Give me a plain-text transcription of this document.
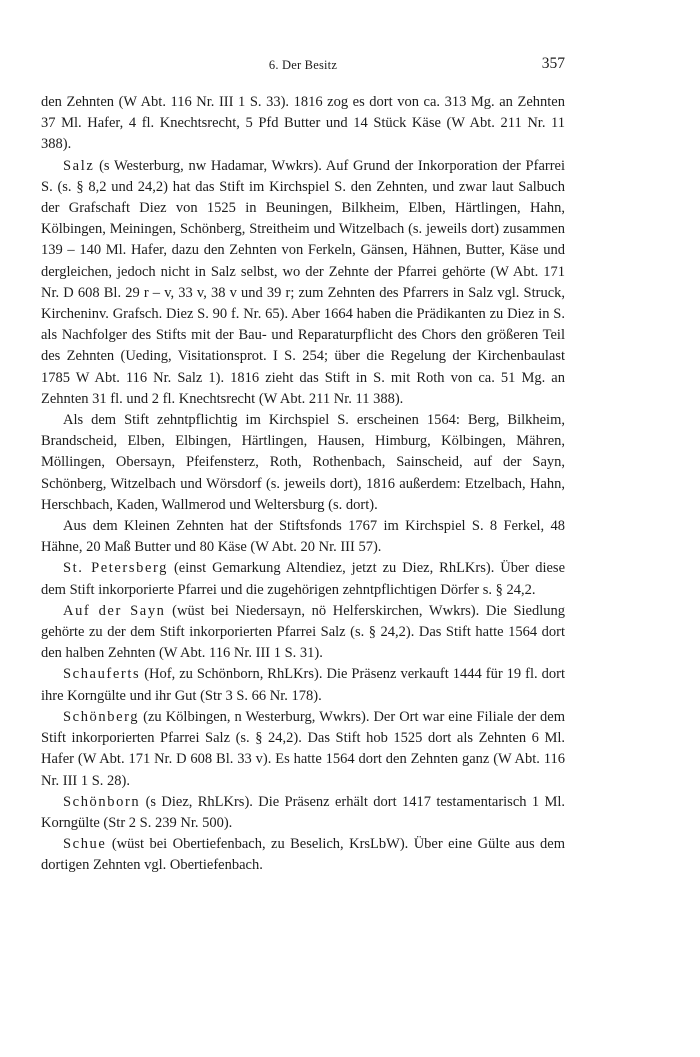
6. Der Besitz	357

den Zehnten (W Abt. 116 Nr. III 1 S. 33). 1816 zog es dort von ca. 313 Mg. an Zehnten 37 Ml. Hafer, 4 fl. Knechtsrecht, 5 Pfd Butter und 14 Stück Käse (W Abt. 211 Nr. 11 388).

Salz (s Westerburg, nw Hadamar, Wwkrs). Auf Grund der Inkorporation der Pfarrei S. (s. § 8,2 und 24,2) hat das Stift im Kirchspiel S. den Zehnten, und zwar laut Salbuch der Grafschaft Diez von 1525 in Beuningen, Bilkheim, Elben, Härtlingen, Hahn, Kölbingen, Meiningen, Schönberg, Streitheim und Witzelbach (s. jeweils dort) zusammen 139 – 140 Ml. Hafer, dazu den Zehnten von Ferkeln, Gänsen, Hähnen, Butter, Käse und dergleichen, jedoch nicht in Salz selbst, wo der Zehnte der Pfarrei gehörte (W Abt. 171 Nr. D 608 Bl. 29 r – v, 33 v, 38 v und 39 r; zum Zehnten des Pfarrers in Salz vgl. Struck, Kircheninv. Grafsch. Diez S. 90 f. Nr. 65). Aber 1664 haben die Prädikanten zu Diez in S. als Nachfolger des Stifts mit der Bau- und Reparaturpflicht des Chors den größeren Teil des Zehnten (Ueding, Visitationsprot. I S. 254; über die Regelung der Kirchenbaulast 1785 W Abt. 116 Nr. Salz 1). 1816 zieht das Stift in S. mit Roth von ca. 51 Mg. an Zehnten 31 fl. und 2 fl. Knechtsrecht (W Abt. 211 Nr. 11 388).

Als dem Stift zehntpflichtig im Kirchspiel S. erscheinen 1564: Berg, Bilkheim, Brandscheid, Elben, Elbingen, Härtlingen, Hausen, Himburg, Kölbingen, Mähren, Möllingen, Obersayn, Pfeifensterz, Roth, Rothenbach, Sainscheid, auf der Sayn, Schönberg, Witzelbach und Wörsdorf (s. jeweils dort), 1816 außerdem: Etzelbach, Hahn, Herschbach, Kaden, Wallmerod und Weltersburg (s. dort).

Aus dem Kleinen Zehnten hat der Stiftsfonds 1767 im Kirchspiel S. 8 Ferkel, 48 Hähne, 20 Maß Butter und 80 Käse (W Abt. 20 Nr. III 57).

St. Petersberg (einst Gemarkung Altendiez, jetzt zu Diez, RhLKrs). Über diese dem Stift inkorporierte Pfarrei und die zugehörigen zehntpflichtigen Dörfer s. § 24,2.

Auf der Sayn (wüst bei Niedersayn, nö Helferskirchen, Wwkrs). Die Siedlung gehörte zu der dem Stift inkorporierten Pfarrei Salz (s. § 24,2). Das Stift hatte 1564 dort den halben Zehnten (W Abt. 116 Nr. III 1 S. 31).

Schauferts (Hof, zu Schönborn, RhLKrs). Die Präsenz verkauft 1444 für 19 fl. dort ihre Korngülte und ihr Gut (Str 3 S. 66 Nr. 178).

Schönberg (zu Kölbingen, n Westerburg, Wwkrs). Der Ort war eine Filiale der dem Stift inkorporierten Pfarrei Salz (s. § 24,2). Das Stift hob 1525 dort als Zehnten 6 Ml. Hafer (W Abt. 171 Nr. D 608 Bl. 33 v). Es hatte 1564 dort den Zehnten ganz (W Abt. 116 Nr. III 1 S. 28).

Schönborn (s Diez, RhLKrs). Die Präsenz erhält dort 1417 testamentarisch 1 Ml. Korngülte (Str 2 S. 239 Nr. 500).

Schue (wüst bei Obertiefenbach, zu Beselich, KrsLbW). Über eine Gülte aus dem dortigen Zehnten vgl. Obertiefenbach.
